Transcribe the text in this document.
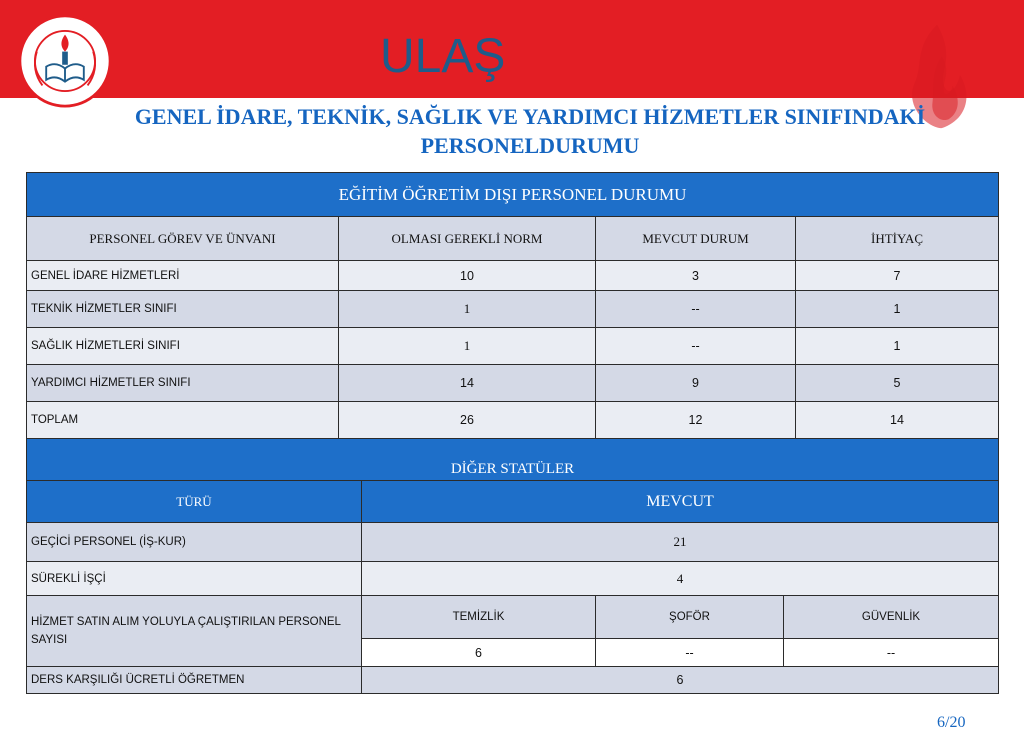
ULAŞ
GENEL İDARE, TEKNİK, SAĞLIK VE YARDIMCI HİZMETLER SINIFINDAKİ PERSONELDURUMU
EĞİTİM ÖĞRETİM DIŞI PERSONEL DURUMU			
PERSONEL GÖREV VE ÜNVANI	OLMASI GEREKLİ NORM	MEVCUT DURUM	İHTİYAÇ
GENEL İDARE HİZMETLERİ	10	3	7
TEKNİK HİZMETLER SINIFI	1	--	1
SAĞLIK HİZMETLERİ SINIFI	1	--	1
YARDIMCI HİZMETLER SINIFI	14	9	5
TOPLAM	26	12	14
DİĞER STATÜLER			
TÜRÜ	MEVCUT		
GEÇİCİ PERSONEL (İŞ-KUR)	21		
SÜREKLİ İŞÇİ	4		
HİZMET SATIN ALIM YOLUYLA ÇALIŞTIRILAN PERSONEL SAYISI	TEMİZLİK	ŞOFÖR	GÜVENLİK
	6	--	--
DERS KARŞILIĞI ÜCRETLİ ÖĞRETMEN	6		
6/20
